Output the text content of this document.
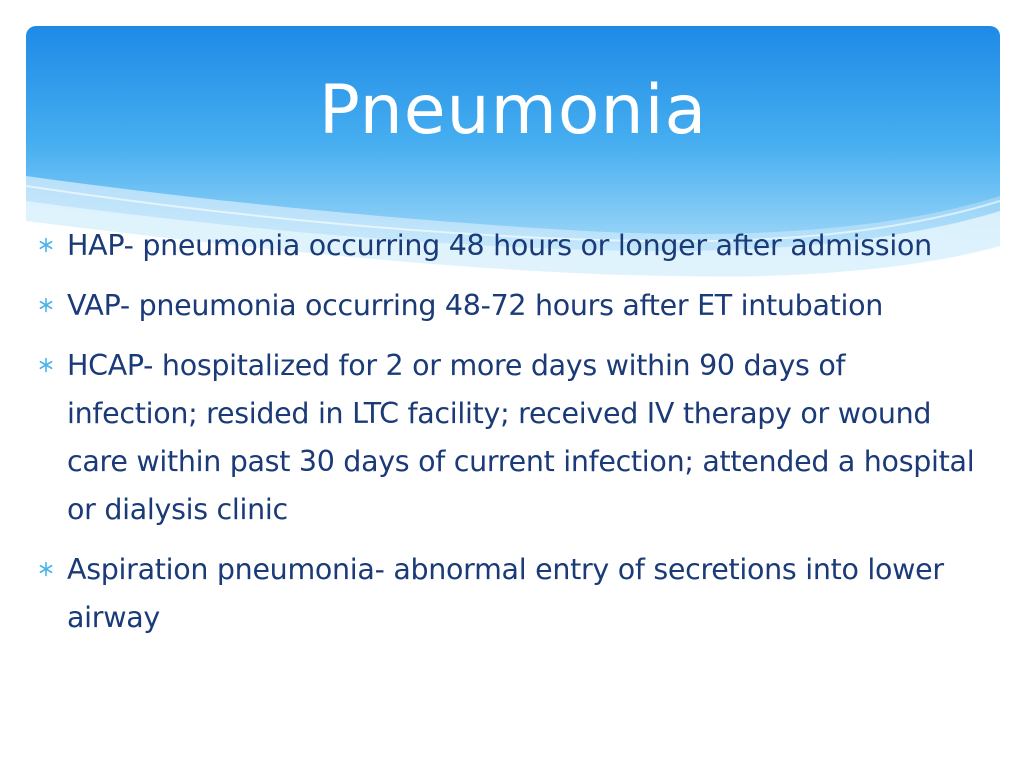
Pneumonia
HAP- pneumonia occurring 48 hours or longer after admission
VAP- pneumonia occurring 48-72 hours after ET intubation
HCAP- hospitalized for 2 or more days within 90 days of infection; resided in LTC facility; received IV therapy or wound care within past 30 days of current infection; attended a hospital or dialysis clinic
Aspiration pneumonia- abnormal entry of secretions into lower airway
